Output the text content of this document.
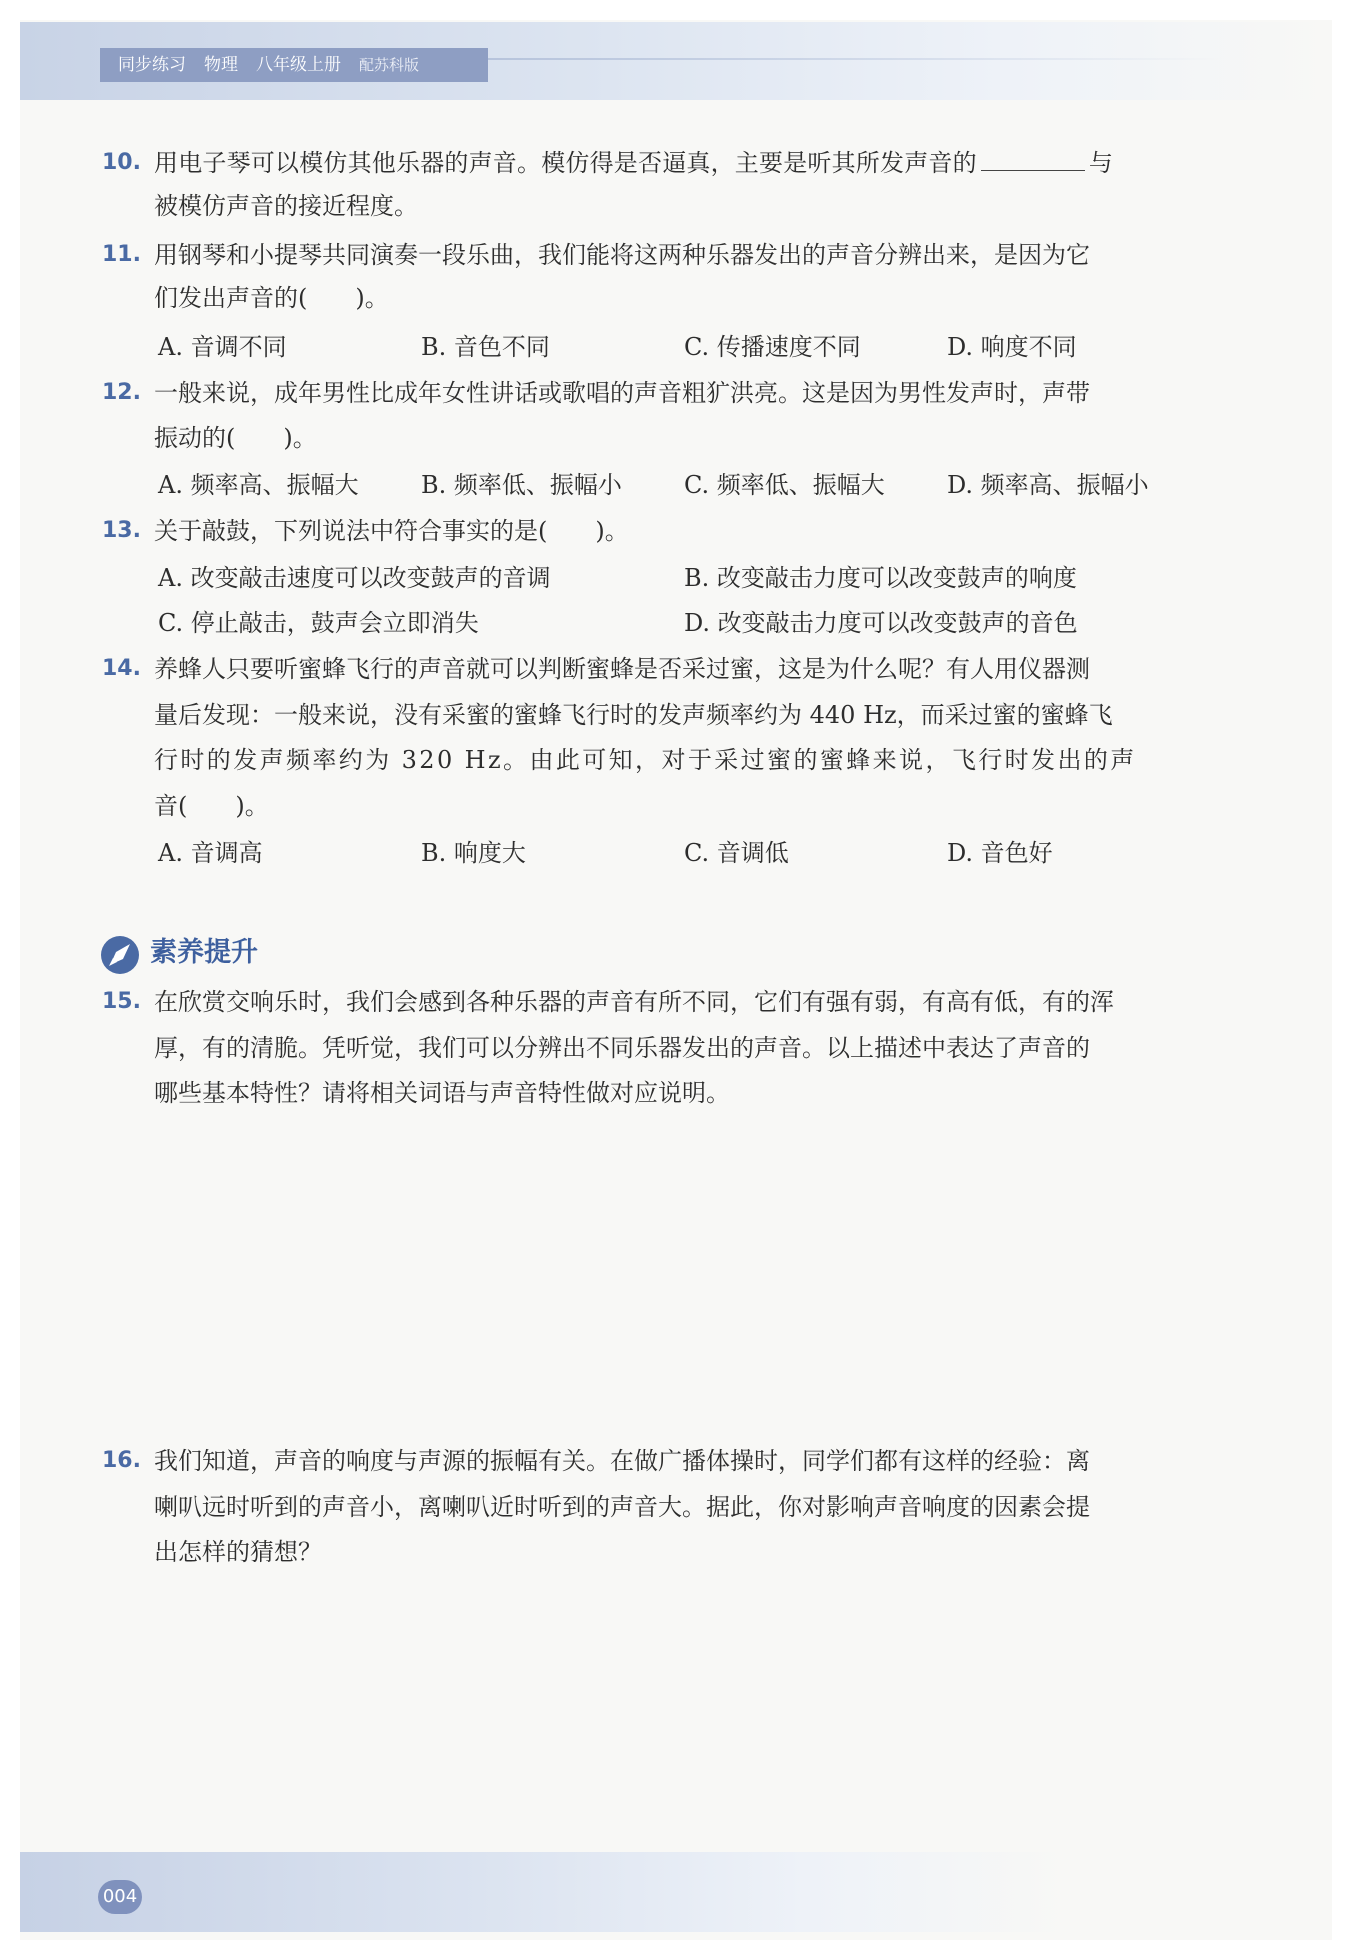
同步练习 物理 八年级上册 配苏科版
10. 用电子琴可以模仿其他乐器的声音。模仿得是否逼真，主要是听其所发声音的	与
被模仿声音的接近程度。
11. 用钢琴和小提琴共同演奏一段乐曲，我们能将这两种乐器发出的声音分辨出来，是因为它
们发出声音的(　　)。
A. 音调不同	B. 音色不同	C. 传播速度不同	D. 响度不同
12. 一般来说，成年男性比成年女性讲话或歌唱的声音粗犷洪亮。这是因为男性发声时，声带
振动的(　　)。
A. 频率高、振幅大	B. 频率低、振幅小	C. 频率低、振幅大	D. 频率高、振幅小
13. 关于敲鼓，下列说法中符合事实的是(　　)。
A. 改变敲击速度可以改变鼓声的音调	B. 改变敲击力度可以改变鼓声的响度
C. 停止敲击，鼓声会立即消失	D. 改变敲击力度可以改变鼓声的音色
14. 养蜂人只要听蜜蜂飞行的声音就可以判断蜜蜂是否采过蜜，这是为什么呢？有人用仪器测
量后发现：一般来说，没有采蜜的蜜蜂飞行时的发声频率约为 440 Hz，而采过蜜的蜜蜂飞
行时的发声频率约为 320 Hz。由此可知，对于采过蜜的蜜蜂来说，飞行时发出的声
音(　　)。
A. 音调高	B. 响度大	C. 音调低	D. 音色好
素养提升
15. 在欣赏交响乐时，我们会感到各种乐器的声音有所不同，它们有强有弱，有高有低，有的浑
厚，有的清脆。凭听觉，我们可以分辨出不同乐器发出的声音。以上描述中表达了声音的
哪些基本特性？请将相关词语与声音特性做对应说明。
16. 我们知道，声音的响度与声源的振幅有关。在做广播体操时，同学们都有这样的经验：离
喇叭远时听到的声音小，离喇叭近时听到的声音大。据此，你对影响声音响度的因素会提
出怎样的猜想？
004
